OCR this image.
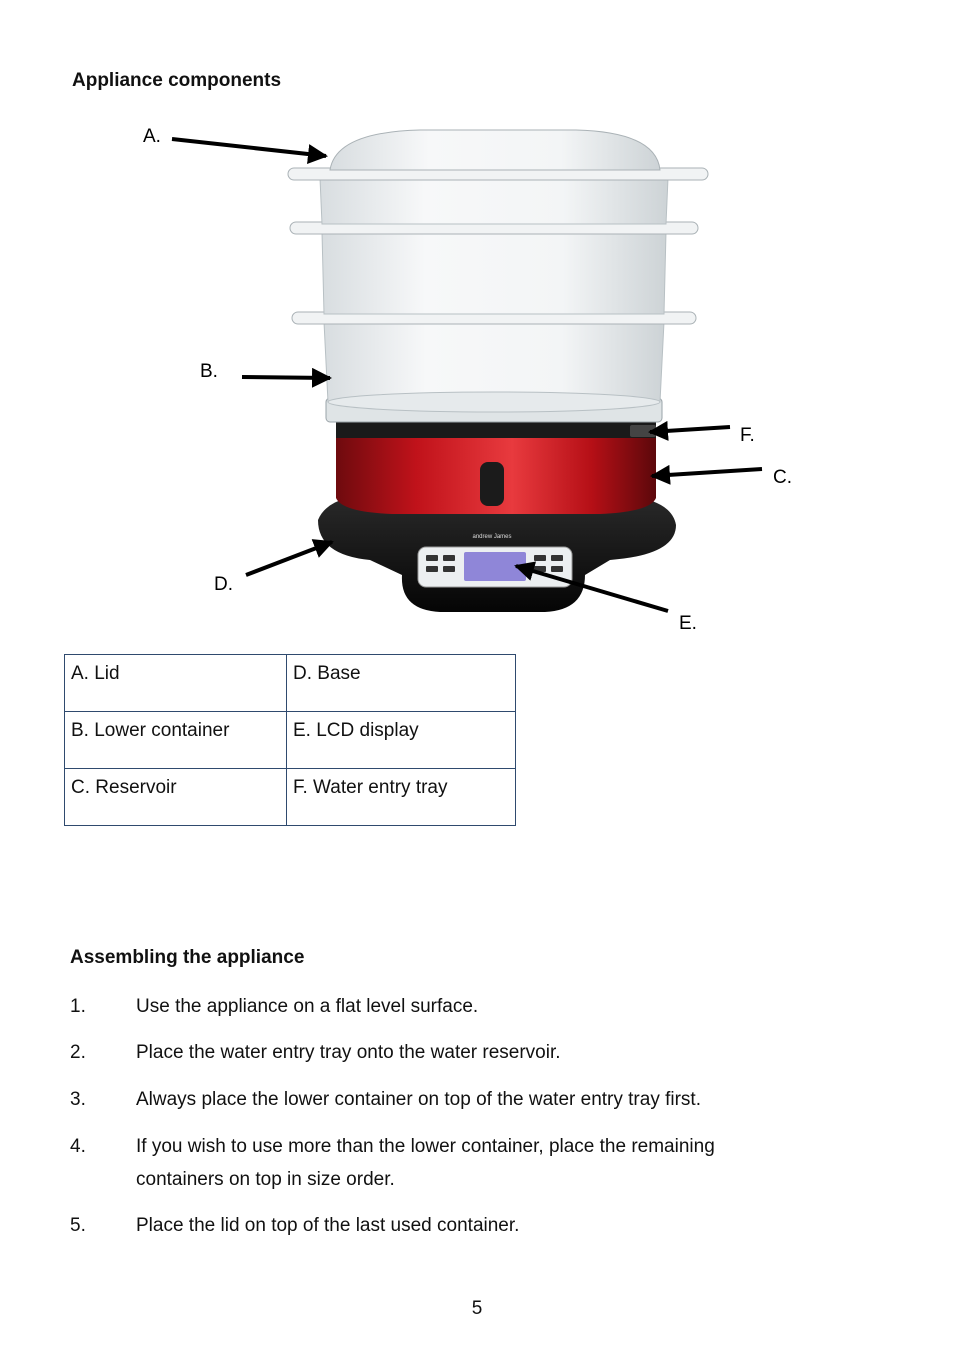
Appliance components
andrew James
A.
B.
F.
C.
D.
E.
A. Lid	D. Base
B. Lower container	E. LCD display
C. Reservoir	F. Water entry tray
Assembling the appliance
1.	Use the appliance on a flat level surface.
2.	Place the water entry tray onto the water reservoir.
3.	Always place the lower container on top of the water entry tray first.
4.	If you wish to use more than the lower container, place the remaining containers on top in size order.
5.	Place the lid on top of the last used container.
5
